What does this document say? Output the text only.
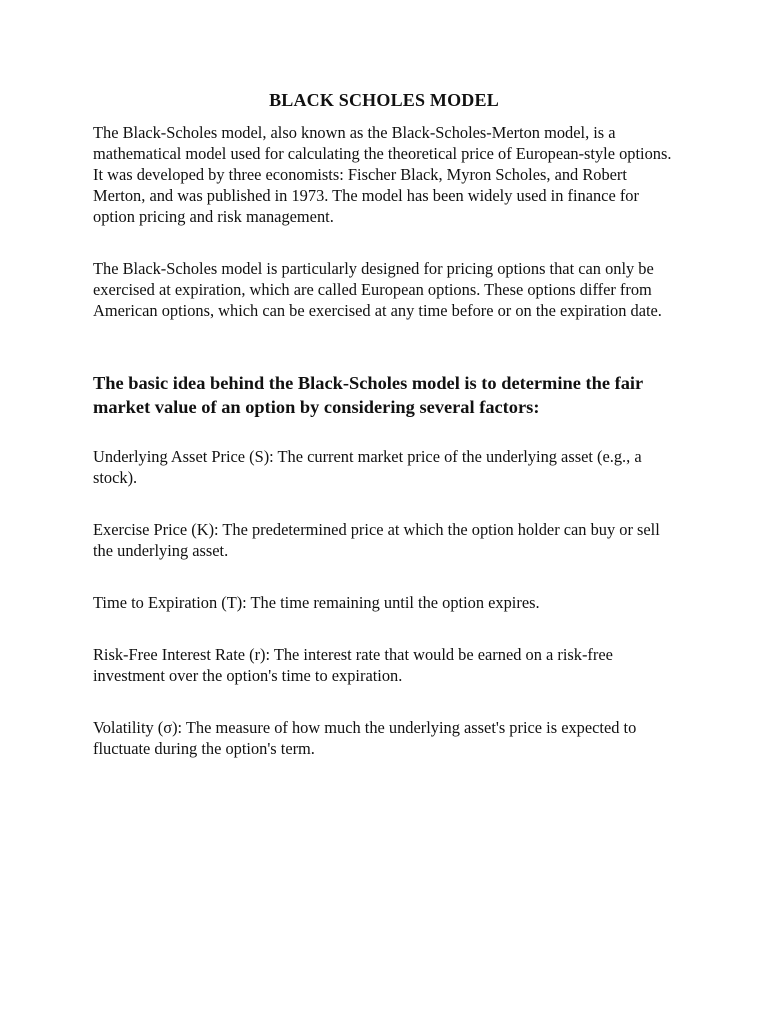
BLACK SCHOLES MODEL

The Black-Scholes model, also known as the Black-Scholes-Merton model, is a mathematical model used for calculating the theoretical price of European-style options. It was developed by three economists: Fischer Black, Myron Scholes, and Robert Merton, and was published in 1973. The model has been widely used in finance for option pricing and risk management.

The Black-Scholes model is particularly designed for pricing options that can only be exercised at expiration, which are called European options. These options differ from American options, which can be exercised at any time before or on the expiration date.

The basic idea behind the Black-Scholes model is to determine the fair market value of an option by considering several factors:

Underlying Asset Price (S): The current market price of the underlying asset (e.g., a stock).

Exercise Price (K): The predetermined price at which the option holder can buy or sell the underlying asset.

Time to Expiration (T): The time remaining until the option expires.

Risk-Free Interest Rate (r): The interest rate that would be earned on a risk-free investment over the option's time to expiration.

Volatility (σ): The measure of how much the underlying asset's price is expected to fluctuate during the option's term.
